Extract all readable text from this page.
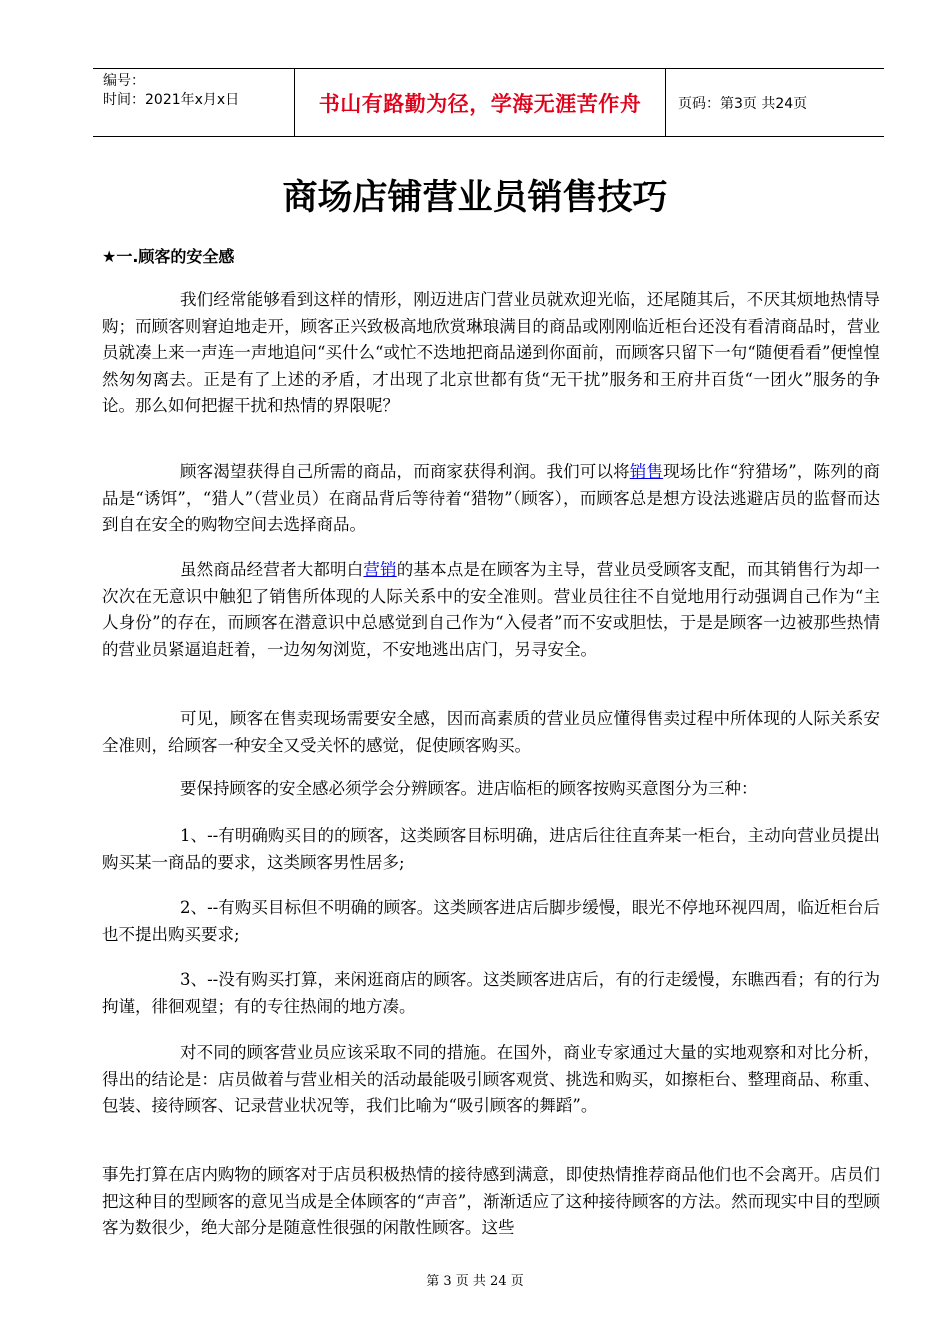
编号：
时间：2021年x月x日	书山有路勤为径，学海无涯苦作舟	页码：第3页 共24页
商场店铺营业员销售技巧
★一.顾客的安全感

我们经常能够看到这样的情形，刚迈进店门营业员就欢迎光临，还尾随其后，不厌其烦地热情导购；而顾客则窘迫地走开，顾客正兴致极高地欣赏琳琅满目的商品或刚刚临近柜台还没有看清商品时，营业员就凑上来一声连一声地追问“买什么“或忙不迭地把商品递到你面前，而顾客只留下一句“随便看看”便惶惶然匆匆离去。正是有了上述的矛盾，才出现了北京世都有货“无干扰”服务和王府井百货“一团火”服务的争论。那么如何把握干扰和热情的界限呢？

顾客渴望获得自己所需的商品，而商家获得利润。我们可以将销售现场比作“狩猎场”，陈列的商品是“诱饵”，“猎人”（营业员）在商品背后等待着“猎物”（顾客），而顾客总是想方设法逃避店员的监督而达到自在安全的购物空间去选择商品。

虽然商品经营者大都明白营销的基本点是在顾客为主导，营业员受顾客支配，而其销售行为却一次次在无意识中触犯了销售所体现的人际关系中的安全准则。营业员往往不自觉地用行动强调自己作为“主人身份”的存在，而顾客在潜意识中总感觉到自己作为“入侵者”而不安或胆怯，于是是顾客一边被那些热情的营业员紧逼追赶着，一边匆匆浏览，不安地逃出店门，另寻安全。

可见，顾客在售卖现场需要安全感，因而高素质的营业员应懂得售卖过程中所体现的人际关系安全准则，给顾客一种安全又受关怀的感觉，促使顾客购买。

要保持顾客的安全感必须学会分辨顾客。进店临柜的顾客按购买意图分为三种：

1、--有明确购买目的的顾客，这类顾客目标明确，进店后往往直奔某一柜台，主动向营业员提出购买某一商品的要求，这类顾客男性居多;

2、--有购买目标但不明确的顾客。这类顾客进店后脚步缓慢，眼光不停地环视四周，临近柜台后也不提出购买要求;

3、--没有购买打算，来闲逛商店的顾客。这类顾客进店后，有的行走缓慢，东瞧西看；有的行为拘谨，徘徊观望；有的专往热闹的地方凑。

对不同的顾客营业员应该采取不同的措施。在国外，商业专家通过大量的实地观察和对比分析，得出的结论是：店员做着与营业相关的活动最能吸引顾客观赏、挑选和购买，如擦柜台、整理商品、称重、包装、接待顾客、记录营业状况等，我们比喻为“吸引顾客的舞蹈”。

事先打算在店内购物的顾客对于店员积极热情的接待感到满意，即使热情推荐商品他们也不会离开。店员们把这种目的型顾客的意见当成是全体顾客的“声音”，渐渐适应了这种接待顾客的方法。然而现实中目的型顾客为数很少，绝大部分是随意性很强的闲散性顾客。这些

第 3 页 共 24 页
